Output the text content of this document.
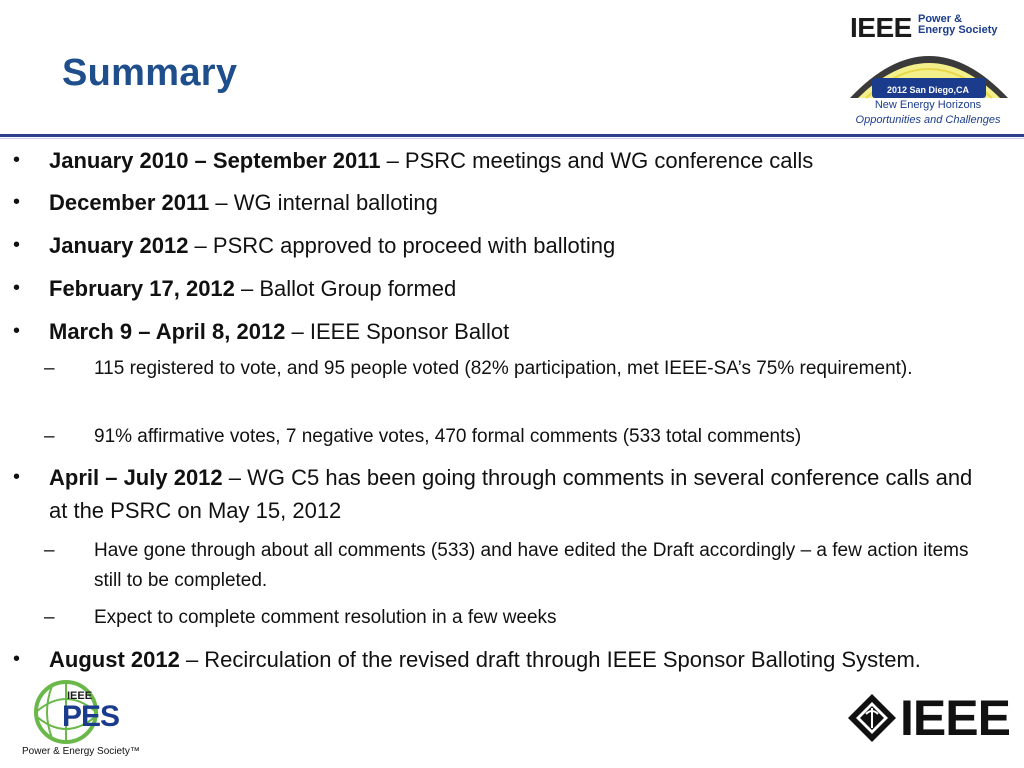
Summary
IEEE Power &
Energy Society
2012 San Diego,CA
New Energy Horizons
Opportunities and Challenges
• January 2010 – September 2011 – PSRC meetings and WG conference calls
• December 2011 – WG internal balloting
• January 2012 – PSRC approved to proceed with balloting
• February 17, 2012 – Ballot Group formed
• March 9 – April 8, 2012 – IEEE Sponsor Ballot
– 115 registered to vote, and 95 people voted (82% participation, met IEEE-SA’s 75% requirement).
– 91% affirmative votes, 7 negative votes, 470 formal comments (533 total comments)
• April – July 2012 – WG C5 has been going through comments in several conference calls and at the PSRC on May 15, 2012
– Have gone through about all comments (533) and have edited the Draft accordingly – a few action items still to be completed.
– Expect to complete comment resolution in a few weeks
• August 2012 – Recirculation of the revised draft through IEEE Sponsor Balloting System.
IEEE
PES
Power & Energy Society™
IEEE
